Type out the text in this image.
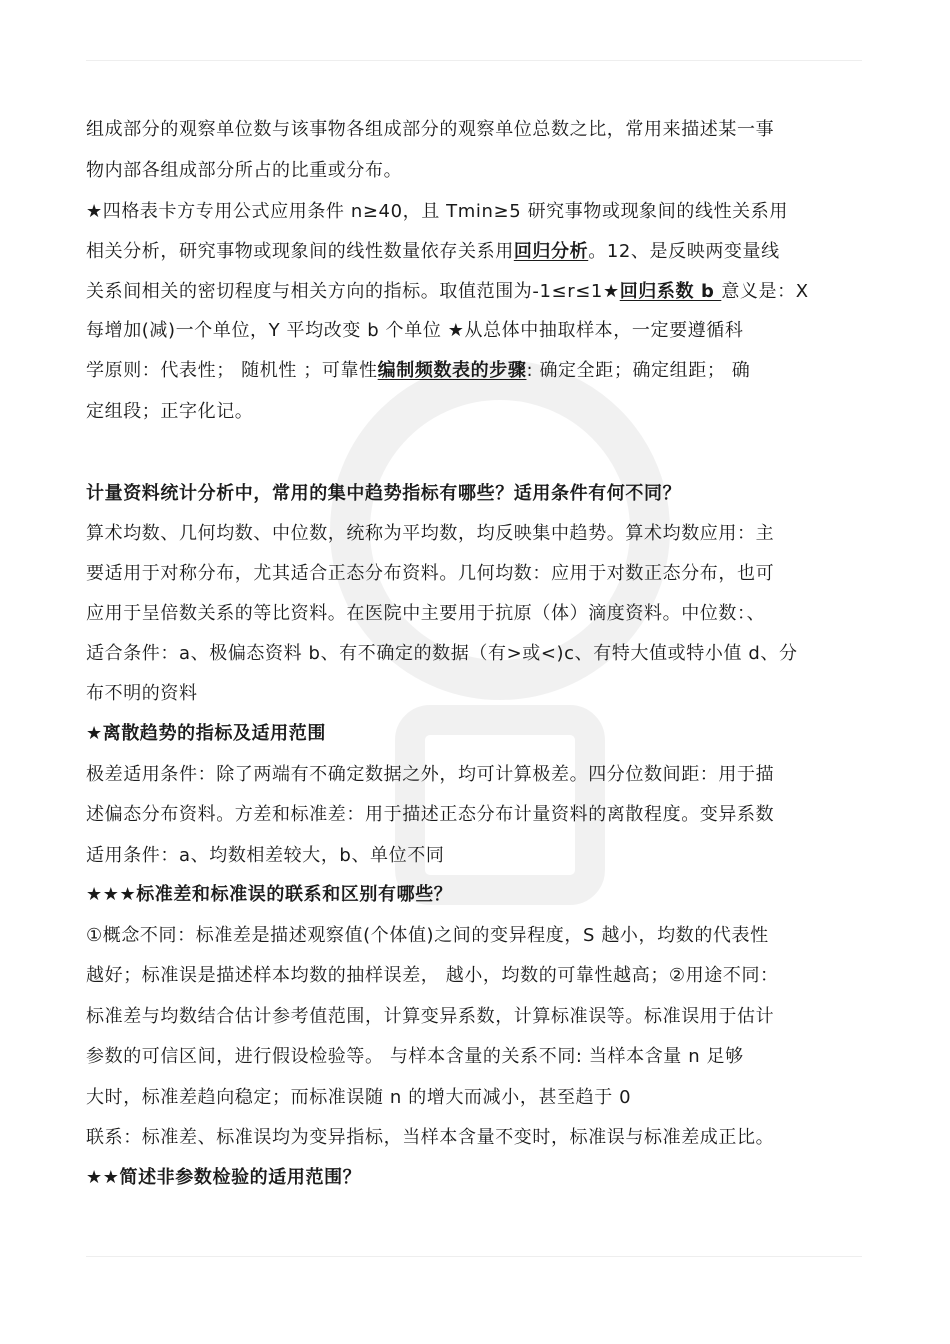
组成部分的观察单位数与该事物各组成部分的观察单位总数之比，常用来描述某一事
物内部各组成部分所占的比重或分布。
★四格表卡方专用公式应用条件 n≥40，且 Tmin≥5 研究事物或现象间的线性关系用
相关分析，研究事物或现象间的线性数量依存关系用回归分析。12、是反映两变量线
关系间相关的密切程度与相关方向的指标。取值范围为-1≤r≤1★回归系数 b 意义是：X
每增加(减)一个单位，Y 平均改变 b 个单位 ★从总体中抽取样本，一定要遵循科
学原则：代表性； 随机性 ；可靠性编制频数表的步骤: 确定全距；确定组距； 确
定组段；正字化记。
计量资料统计分析中，常用的集中趋势指标有哪些？适用条件有何不同？
算术均数、几何均数、中位数，统称为平均数，均反映集中趋势。算术均数应用：主
要适用于对称分布，尤其适合正态分布资料。几何均数：应用于对数正态分布，也可
应用于呈倍数关系的等比资料。在医院中主要用于抗原（体）滴度资料。中位数：、
适合条件：a、极偏态资料 b、有不确定的数据（有>或<)c、有特大值或特小值 d、分
布不明的资料
★离散趋势的指标及适用范围
极差适用条件：除了两端有不确定数据之外，均可计算极差。四分位数间距：用于描
述偏态分布资料。方差和标准差：用于描述正态分布计量资料的离散程度。变异系数
适用条件：a、均数相差较大，b、单位不同
★★★标准差和标准误的联系和区别有哪些？
①概念不同：标准差是描述观察值(个体值)之间的变异程度，S 越小，均数的代表性
越好；标准误是描述样本均数的抽样误差， 越小，均数的可靠性越高；②用途不同：
标准差与均数结合估计参考值范围，计算变异系数，计算标准误等。标准误用于估计
参数的可信区间，进行假设检验等。 与样本含量的关系不同: 当样本含量 n 足够
大时，标准差趋向稳定；而标准误随 n 的增大而减小，甚至趋于 0
联系：标准差、标准误均为变异指标，当样本含量不变时，标准误与标准差成正比。
★★简述非参数检验的适用范围？
